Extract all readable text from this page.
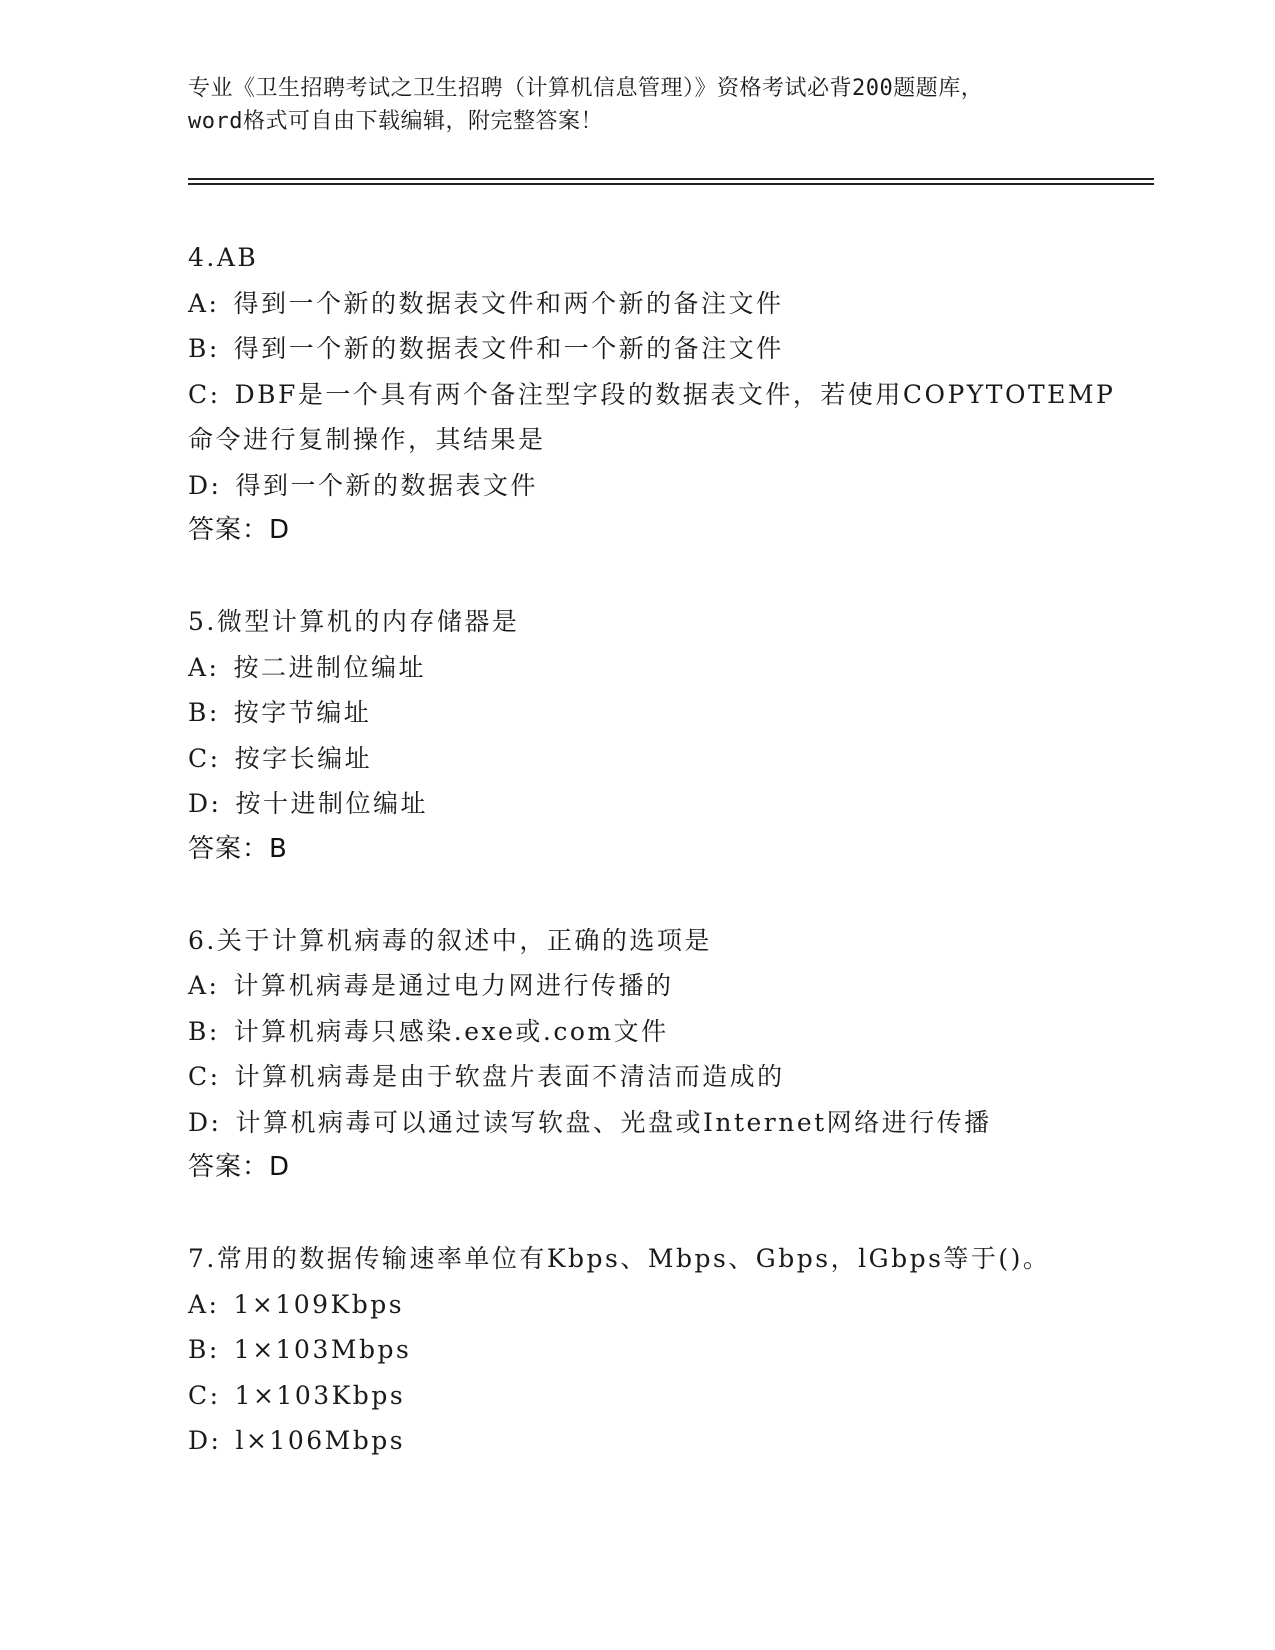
专业《卫生招聘考试之卫生招聘（计算机信息管理）》资格考试必背200题题库，
word格式可自由下载编辑，附完整答案！
4.AB
A: 得到一个新的数据表文件和两个新的备注文件
B: 得到一个新的数据表文件和一个新的备注文件
C: DBF是一个具有两个备注型字段的数据表文件，若使用COPYTOTEMP
命令进行复制操作，其结果是
D: 得到一个新的数据表文件
答案：D
5.微型计算机的内存储器是
A: 按二进制位编址
B: 按字节编址
C: 按字长编址
D: 按十进制位编址
答案：B
6.关于计算机病毒的叙述中，正确的选项是
A: 计算机病毒是通过电力网进行传播的
B: 计算机病毒只感染.exe或.com文件
C: 计算机病毒是由于软盘片表面不清洁而造成的
D: 计算机病毒可以通过读写软盘、光盘或Internet网络进行传播
答案：D
7.常用的数据传输速率单位有Kbps、Mbps、Gbps，lGbps等于()。
A: 1×109Kbps
B: 1×103Mbps
C: 1×103Kbps
D: l×106Mbps
